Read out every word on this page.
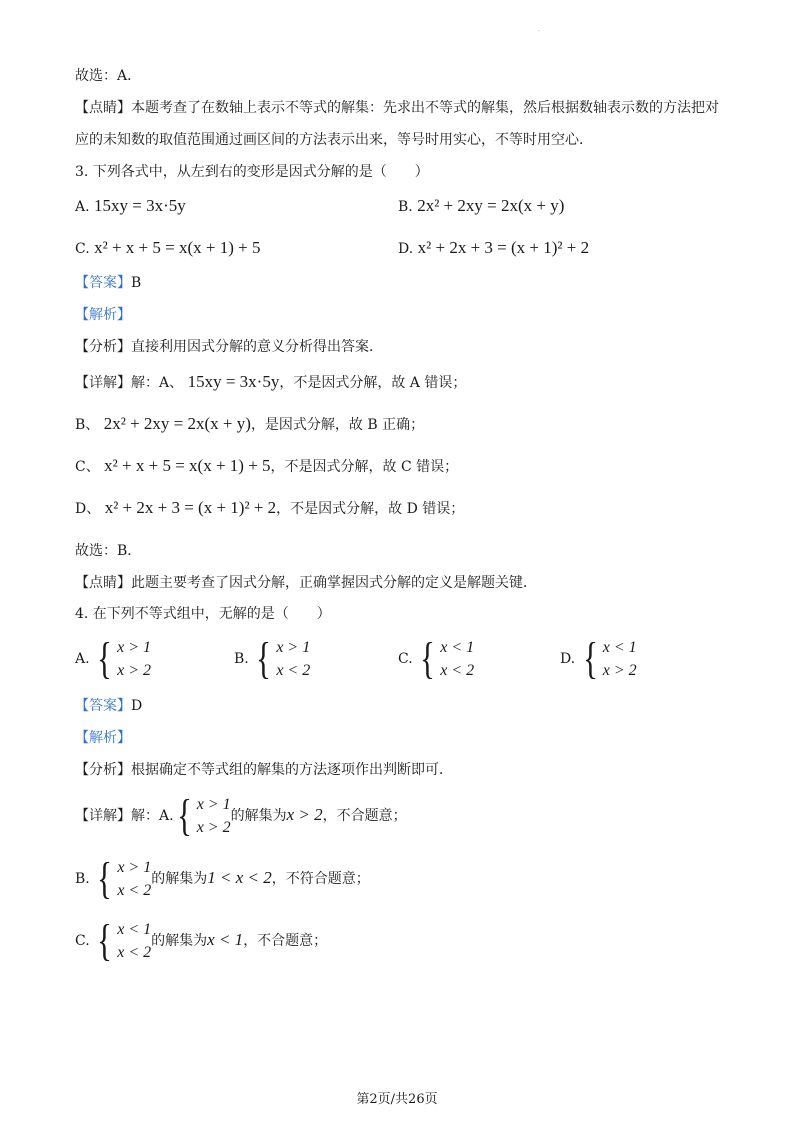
·
故选：A．
【点睛】本题考查了在数轴上表示不等式的解集：先求出不等式的解集，然后根据数轴表示数的方法把对
应的未知数的取值范围通过画区间的方法表示出来，等号时用实心，不等时用空心．
3. 下列各式中，从左到右的变形是因式分解的是（　　）
A. 15xy = 3x·5y	B. 2x² + 2xy = 2x(x + y)
C. x² + x + 5 = x(x + 1) + 5	D. x² + 2x + 3 = (x + 1)² + 2
【答案】B
【解析】
【分析】直接利用因式分解的意义分析得出答案．
【详解】解：A、 15xy = 3x·5y，不是因式分解，故 A 错误；
B、 2x² + 2xy = 2x(x + y)，是因式分解，故 B 正确；
C、 x² + x + 5 = x(x + 1) + 5，不是因式分解，故 C 错误；
D、 x² + 2x + 3 = (x + 1)² + 2，不是因式分解，故 D 错误；
故选：B．
【点睛】此题主要考查了因式分解，正确掌握因式分解的定义是解题关键．
4. 在下列不等式组中，无解的是（　　）
A. { x > 1
x > 2
B. { x > 1
x < 2
C. { x < 1
x < 2
D. { x < 1
x > 2
【答案】D
【解析】
【分析】根据确定不等式组的解集的方法逐项作出判断即可．
【详解】解：A. { x > 1
x > 2
的解集为x > 2，不合题意；
B. { x > 1
x < 2
的解集为1 < x < 2，不符合题意；
C. { x < 1
x < 2
的解集为x < 1，不合题意；
第2页/共26页
